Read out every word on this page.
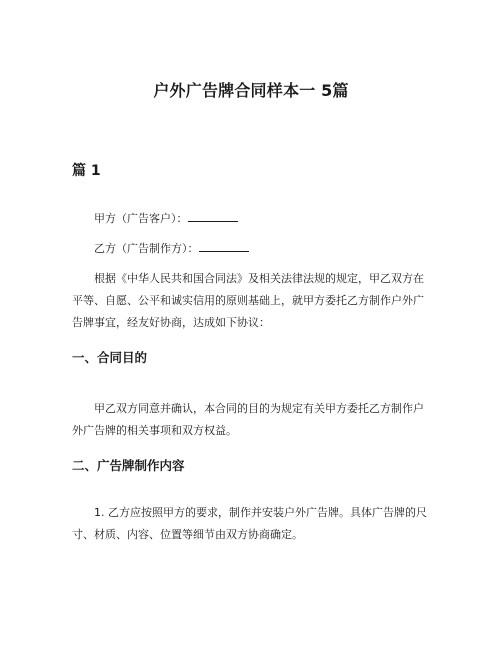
户外广告牌合同样本一 5篇
篇 1
甲方（广告客户）：
乙方（广告制作方）：
根据《中华人民共和国合同法》及相关法律法规的规定，甲乙双方在平等、自愿、公平和诚实信用的原则基础上，就甲方委托乙方制作户外广告牌事宜，经友好协商，达成如下协议：
一、合同目的
甲乙双方同意并确认，本合同的目的为规定有关甲方委托乙方制作户外广告牌的相关事项和双方权益。
二、广告牌制作内容
1. 乙方应按照甲方的要求，制作并安装户外广告牌。具体广告牌的尺寸、材质、内容、位置等细节由双方协商确定。
